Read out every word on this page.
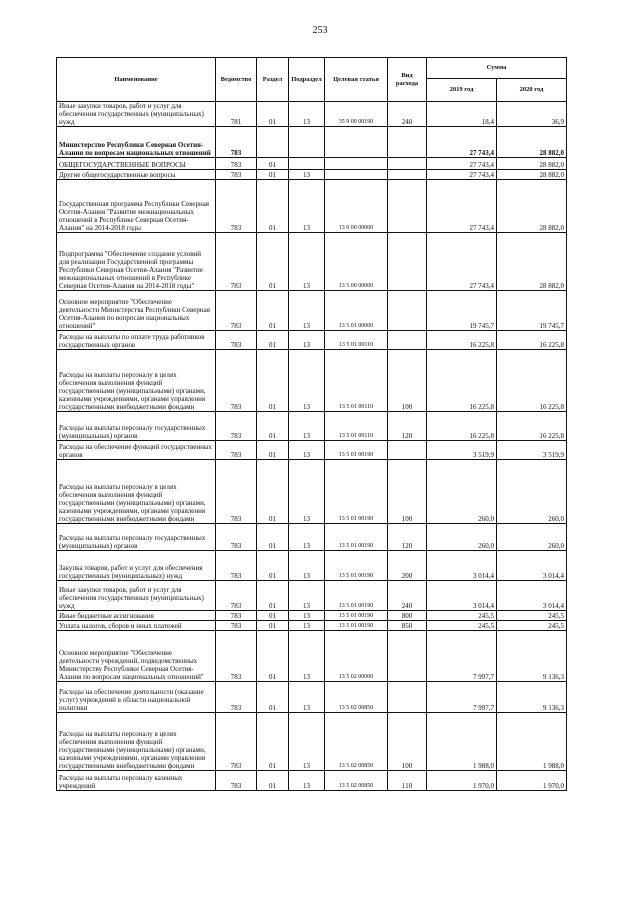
253
Наименование	Ведомство	Раздел	Подраздел	Целевая статья	Вид расхода	Сумма	
						2019 год	2020 год
Иные закупки товаров, работ и услуг для обеспечения государственных (муниципальных) нужд	781	01	13	35 9 00 00190	240	18,4	36,9
Министерство Республики Северная Осетия-Алания по вопросам национальных отношений	783					27 743,4	28 882,0
ОБЩЕГОСУДАРСТВЕННЫЕ ВОПРОСЫ	783	01				27 743,4	28 882,0
Другие общегосударственные вопросы	783	01	13			27 743,4	28 882,0
Государственная программа Республики Северная Осетия-Алания "Развитие межнациональных отношений в Республике Северная Осетия-Алания" на 2014-2018 годы	783	01	13	13 0 00 00000		27 743,4	28 882,0
Подпрограмма "Обеспечение создания условий для реализации Государственной программы Республики Северная Осетия-Алания "Развитие межнациональных отношений в Республике Северная Осетия-Алания на 2014-2018 годы"	783	01	13	13 5 00 00000		27 743,4	28 882,0
Основное мероприятие "Обеспечение деятельности Министерства Республики Северная Осетия-Алания по вопросам национальных отношений"	783	01	13	13 5 01 00000		19 745,7	19 745,7
Расходы на выплаты по оплате труда работников государственных органов	783	01	13	13 5 01 00110		16 225,8	16 225,8
Расходы на выплаты персоналу в целях обеспечения выполнения функций государственными (муниципальными) органами, казенными учреждениями, органами управления государственными внебюджетными фондами	783	01	13	13 5 01 00110	100	16 225,8	16 225,8
Расходы на выплаты персоналу государственных (муниципальных) органов	783	01	13	13 5 01 00110	120	16 225,8	16 225,8
Расходы на обеспечение функций государственных органов	783	01	13	13 5 01 00190		3 519,9	3 519,9
Расходы на выплаты персоналу в целях обеспечения выполнения функций государственными (муниципальными) органами, казенными учреждениями, органами управления государственными внебюджетными фондами	783	01	13	13 5 01 00190	100	260,0	260,0
Расходы на выплаты персоналу государственных (муниципальных) органов	783	01	13	13 5 01 00190	120	260,0	260,0
Закупка товаров, работ и услуг для обеспечения государственных (муниципальных) нужд	783	01	13	13 5 01 00190	200	3 014,4	3 014,4
Иные закупки товаров, работ и услуг для обеспечения государственных (муниципальных) нужд	783	01	13	13 5 01 00190	240	3 014,4	3 014,4
Иные бюджетные ассигнования	783	01	13	13 5 01 00190	800	245,5	245,5
Уплата налогов, сборов и иных платежей	783	01	13	13 5 01 00190	850	245,5	245,5
Основное мероприятие "Обеспечение деятельности учреждений, подведомственных Министерству Республики Северная Осетия-Алания по вопросам национальных отношений"	783	01	13	13 5 02 00000		7 997,7	9 136,3
Расходы на обеспечение деятельности (оказание услуг) учреждений в области национальной политики	783	01	13	13 5 02 00850		7 997,7	9 136,3
Расходы на выплаты персоналу в целях обеспечения выполнения функций государственными (муниципальными) органами, казенными учреждениями, органами управления государственными внебюджетными фондами	783	01	13	13 5 02 00850	100	1 988,0	1 988,0
Расходы на выплаты персоналу казенных учреждений	783	01	13	13 5 02 00850	110	1 970,0	1 970,0
